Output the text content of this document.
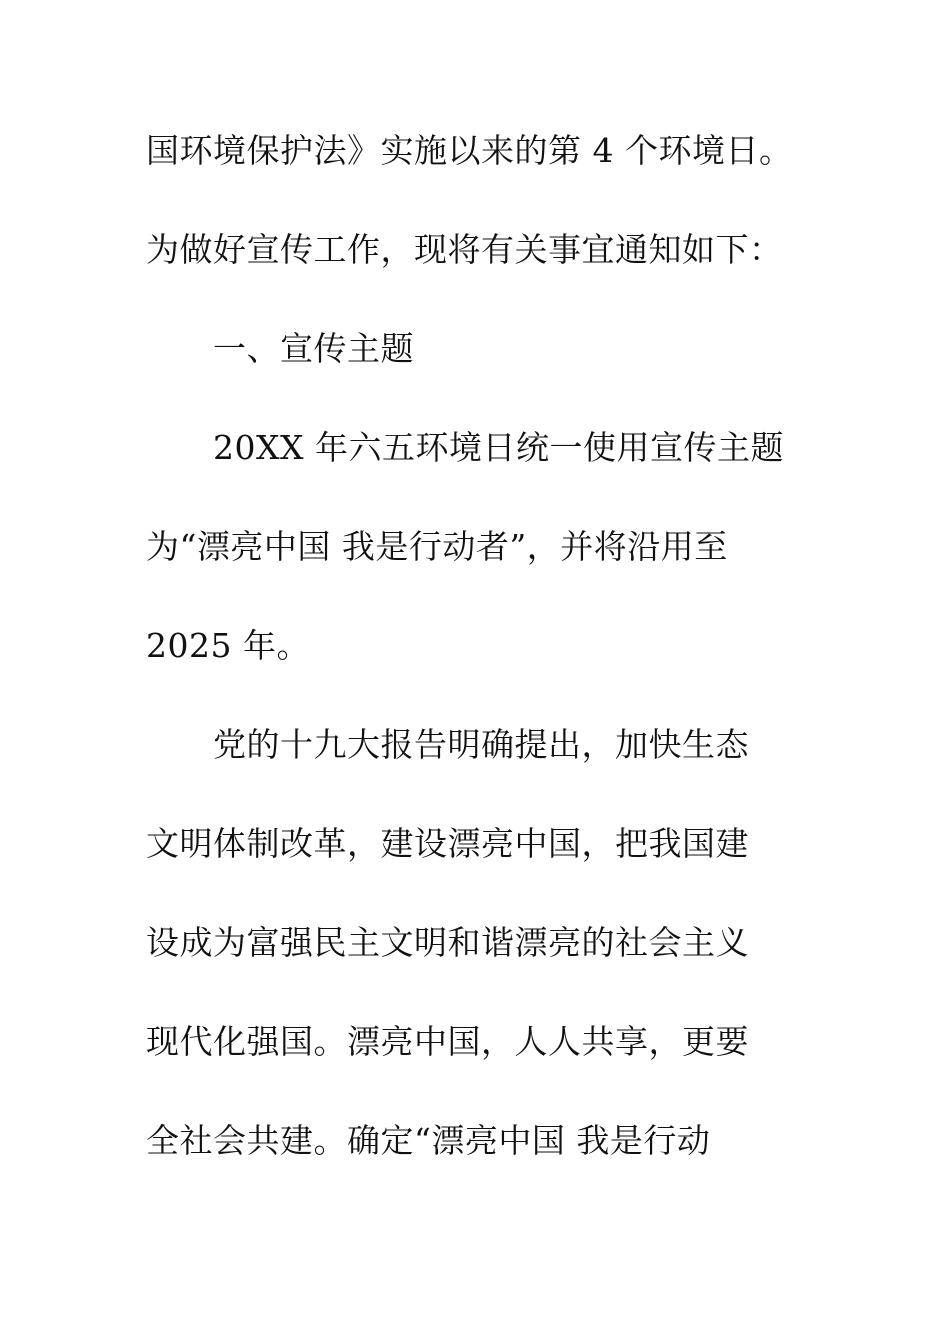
国环境保护法》实施以来的第 4 个环境日。
为做好宣传工作，现将有关事宜通知如下：
一、宣传主题
20XX 年六五环境日统一使用宣传主题
为“漂亮中国 我是行动者”，并将沿用至
2025 年。
党的十九大报告明确提出，加快生态
文明体制改革，建设漂亮中国，把我国建
设成为富强民主文明和谐漂亮的社会主义
现代化强国。漂亮中国，人人共享，更要
全社会共建。确定“漂亮中国 我是行动
